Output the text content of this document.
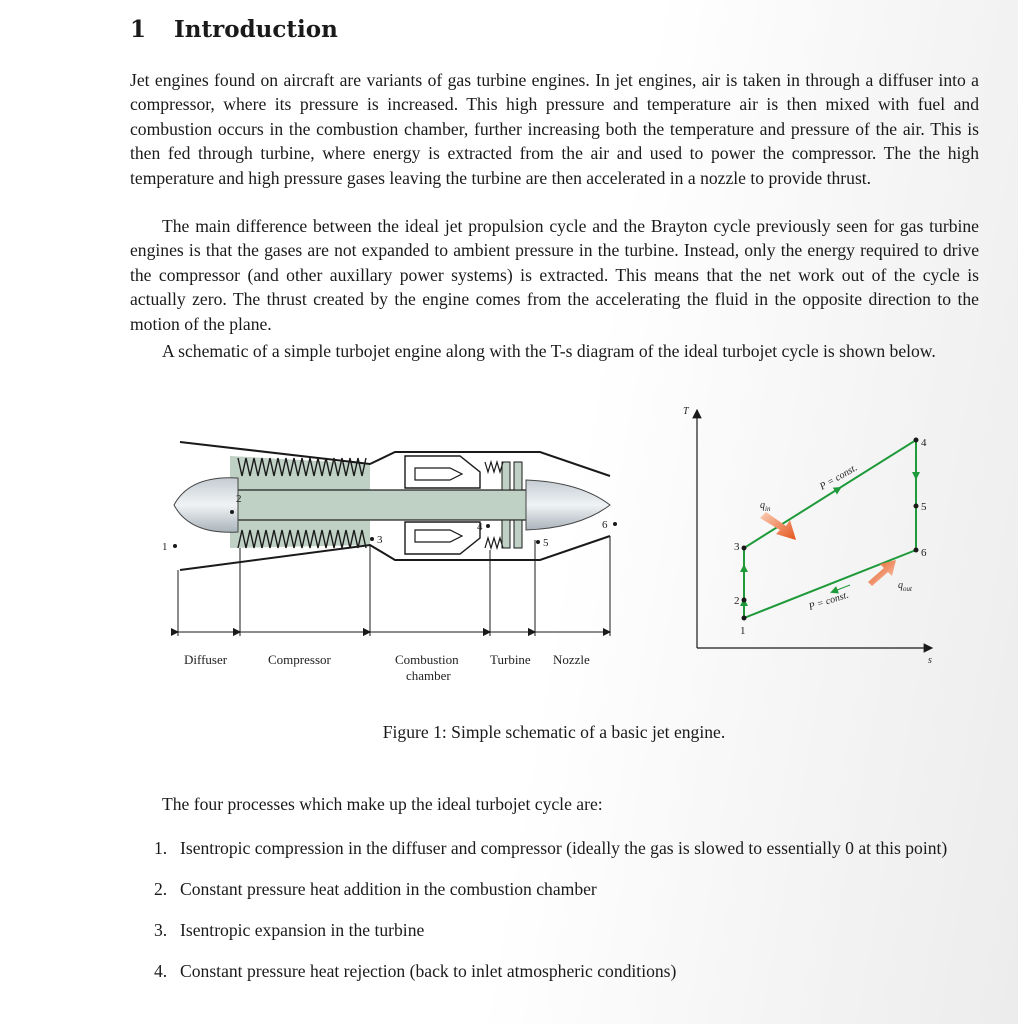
1 Introduction

Jet engines found on aircraft are variants of gas turbine engines. In jet engines, air is taken in through a diffuser into a compressor, where its pressure is increased. This high pressure and temperature air is then mixed with fuel and combustion occurs in the combustion chamber, further increasing both the temperature and pressure of the air. This is then fed through turbine, where energy is extracted from the air and used to power the compressor. The the high temperature and high pressure gases leaving the turbine are then accelerated in a nozzle to provide thrust.

The main difference between the ideal jet propulsion cycle and the Brayton cycle previously seen for gas turbine engines is that the gases are not expanded to ambient pressure in the turbine. Instead, only the energy required to drive the compressor (and other auxillary power systems) is extracted. This means that the net work out of the cycle is actually zero. The thrust created by the engine comes from the accelerating the fluid in the opposite direction to the motion of the plane.

A schematic of a simple turbojet engine along with the T-s diagram of the ideal turbojet cycle is shown below.

1
2
3
4
5
6
Diffuser	Compressor	Combustion
chamber
Turbine Nozzle
T
s
1
2
3
4
5
6
$q_{in}$
$q_{out}$
P = const.
P = const.

Figure 1: Simple schematic of a basic jet engine.

The four processes which make up the ideal turbojet cycle are:

1. Isentropic compression in the diffuser and compressor (ideally the gas is slowed to essentially 0 at this point)
2. Constant pressure heat addition in the combustion chamber
3. Isentropic expansion in the turbine
4. Constant pressure heat rejection (back to inlet atmospheric conditions)
